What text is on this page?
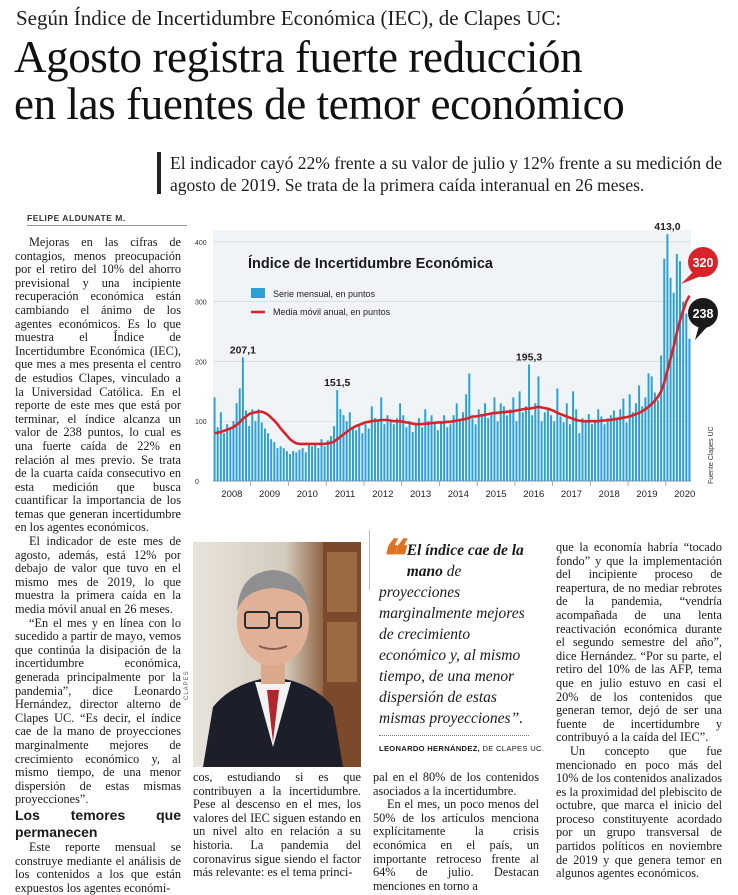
Según Índice de Incertidumbre Económica (IEC), de Clapes UC:
Agosto registra fuerte reducción
en las fuentes de temor económico
El indicador cayó 22% frente a su valor de julio y 12% frente a su medición de agosto de 2019. Se trata de la primera caída interanual en 26 meses.
FELIPE ALDUNATE M.

Mejoras en las cifras de contagios, menos preocupación por el retiro del 10% del ahorro previsional y una incipiente recuperación económica están cambiando el ánimo de los agentes económicos. Es lo que muestra el Índice de Incertidumbre Económica (IEC), que mes a mes presenta el centro de estudios Clapes, vinculado a la Universidad Católica. En el reporte de este mes que está por terminar, el índice alcanza un valor de 238 puntos, lo cual es una fuerte caída de 22% en relación al mes previo. Se trata de la cuarta caída consecutivo en esta medición que busca cuantificar la importancia de los temas que generan incertidumbre en los agentes económicos.

El indicador de este mes de agosto, además, está 12% por debajo de valor que tuvo en el mismo mes de 2019, lo que muestra la primera caída en la media móvil anual en 26 meses.

“En el mes y en línea con lo sucedido a partir de mayo, vemos que continúa la disipación de la incertidumbre económica, generada principalmente por la pandemia”, dice Leonardo Hernández, director alterno de Clapes UC. “Es decir, el índice cae de la mano de proyecciones marginalmente mejores de crecimiento económico y, al mismo tiempo, de una menor dispersión de estas mismas proyecciones”.

Los temores que permanecen

Este reporte mensual se construye mediante el análisis de los contenidos a los que están expuestos los agentes económi-

0
100
200
300
400
2008 2009 2010 2011 2012 2013 2014 2015 2016 2017 2018 2019 2020
207,1
151,5
195,3
413,0
Índice de Incertidumbre Económica
Serie mensual, en puntos
Media móvil anual, en puntos
320
238
Fuente Clapes UC
CLAPES
❝ El índice cae de la mano de proyecciones marginalmente mejores de crecimiento económico y, al mismo tiempo, de una menor dispersión de estas mismas proyecciones”.
LEONARDO HERNÁNDEZ, DE CLAPES UC.

cos, estudiando si es que contribuyen a la incertidumbre. Pese al descenso en el mes, los valores del IEC siguen estando en un nivel alto en relación a su historia. La pandemia del coronavirus sigue siendo el factor más relevante: es el tema princi-

pal en el 80% de los contenidos asociados a la incertidumbre.

En el mes, un poco menos del 50% de los artículos menciona explícitamente la crisis económica en el país, un importante retroceso frente al 64% de julio. Destacan menciones en torno a

que la economía habría “tocado fondo” y que la implementación del incipiente proceso de reapertura, de no mediar rebrotes de la pandemia, “vendría acompañada de una lenta reactivación económica durante el segundo semestre del año”, dice Hernández. “Por su parte, el retiro del 10% de las AFP, tema que en julio estuvo en casi el 20% de los contenidos que generan temor, dejó de ser una fuente de incertidumbre y contribuyó a la caída del IEC”.

Un concepto que fue mencionado en poco más del 10% de los contenidos analizados es la proximidad del plebiscito de octubre, que marca el inicio del proceso constituyente acordado por un grupo transversal de partidos políticos en noviembre de 2019 y que genera temor en algunos agentes económicos.
